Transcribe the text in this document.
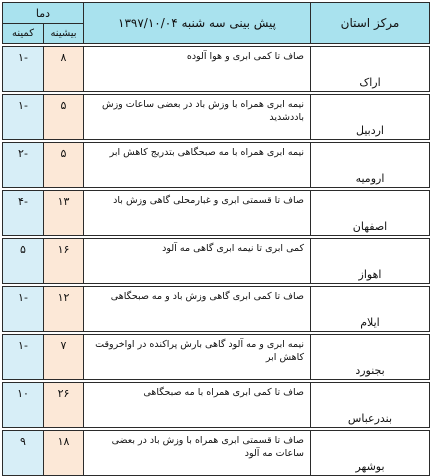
مرکز استان	پیش بینی سه شنبه ۱۳۹۷/۱۰/۰۴	دما	
		بیشینه	کمینه

اراک	صاف تا کمی ابری و هوا آلوده	۸	-۱

اردبیل	نیمه ابری همراه با وزش باد در بعضی ساعات وزش باددشدید	۵	-۱

ارومیه	نیمه ابری همراه با مه صبحگاهی بتدریج کاهش ابر	۵	-۲

اصفهان	صاف تا قسمتی ابری و غبارمحلی گاهی وزش باد	۱۳	-۴

اهواز	کمی ابری تا نیمه ابری گاهی مه آلود	۱۶	۵

ایلام	صاف تا کمی ابری گاهی وزش باد و مه صبحگاهی	۱۲	-۱

بجنورد	نیمه ابری و مه آلود گاهی بارش پراکنده در اواخروقت کاهش ابر	۷	-۱

بندرعباس	صاف تا کمی ابری همراه با مه صبحگاهی	۲۶	۱۰

بوشهر	صاف تا قسمتی ابری همراه با وزش باد در بعضی ساعات مه آلود	۱۸	۹
